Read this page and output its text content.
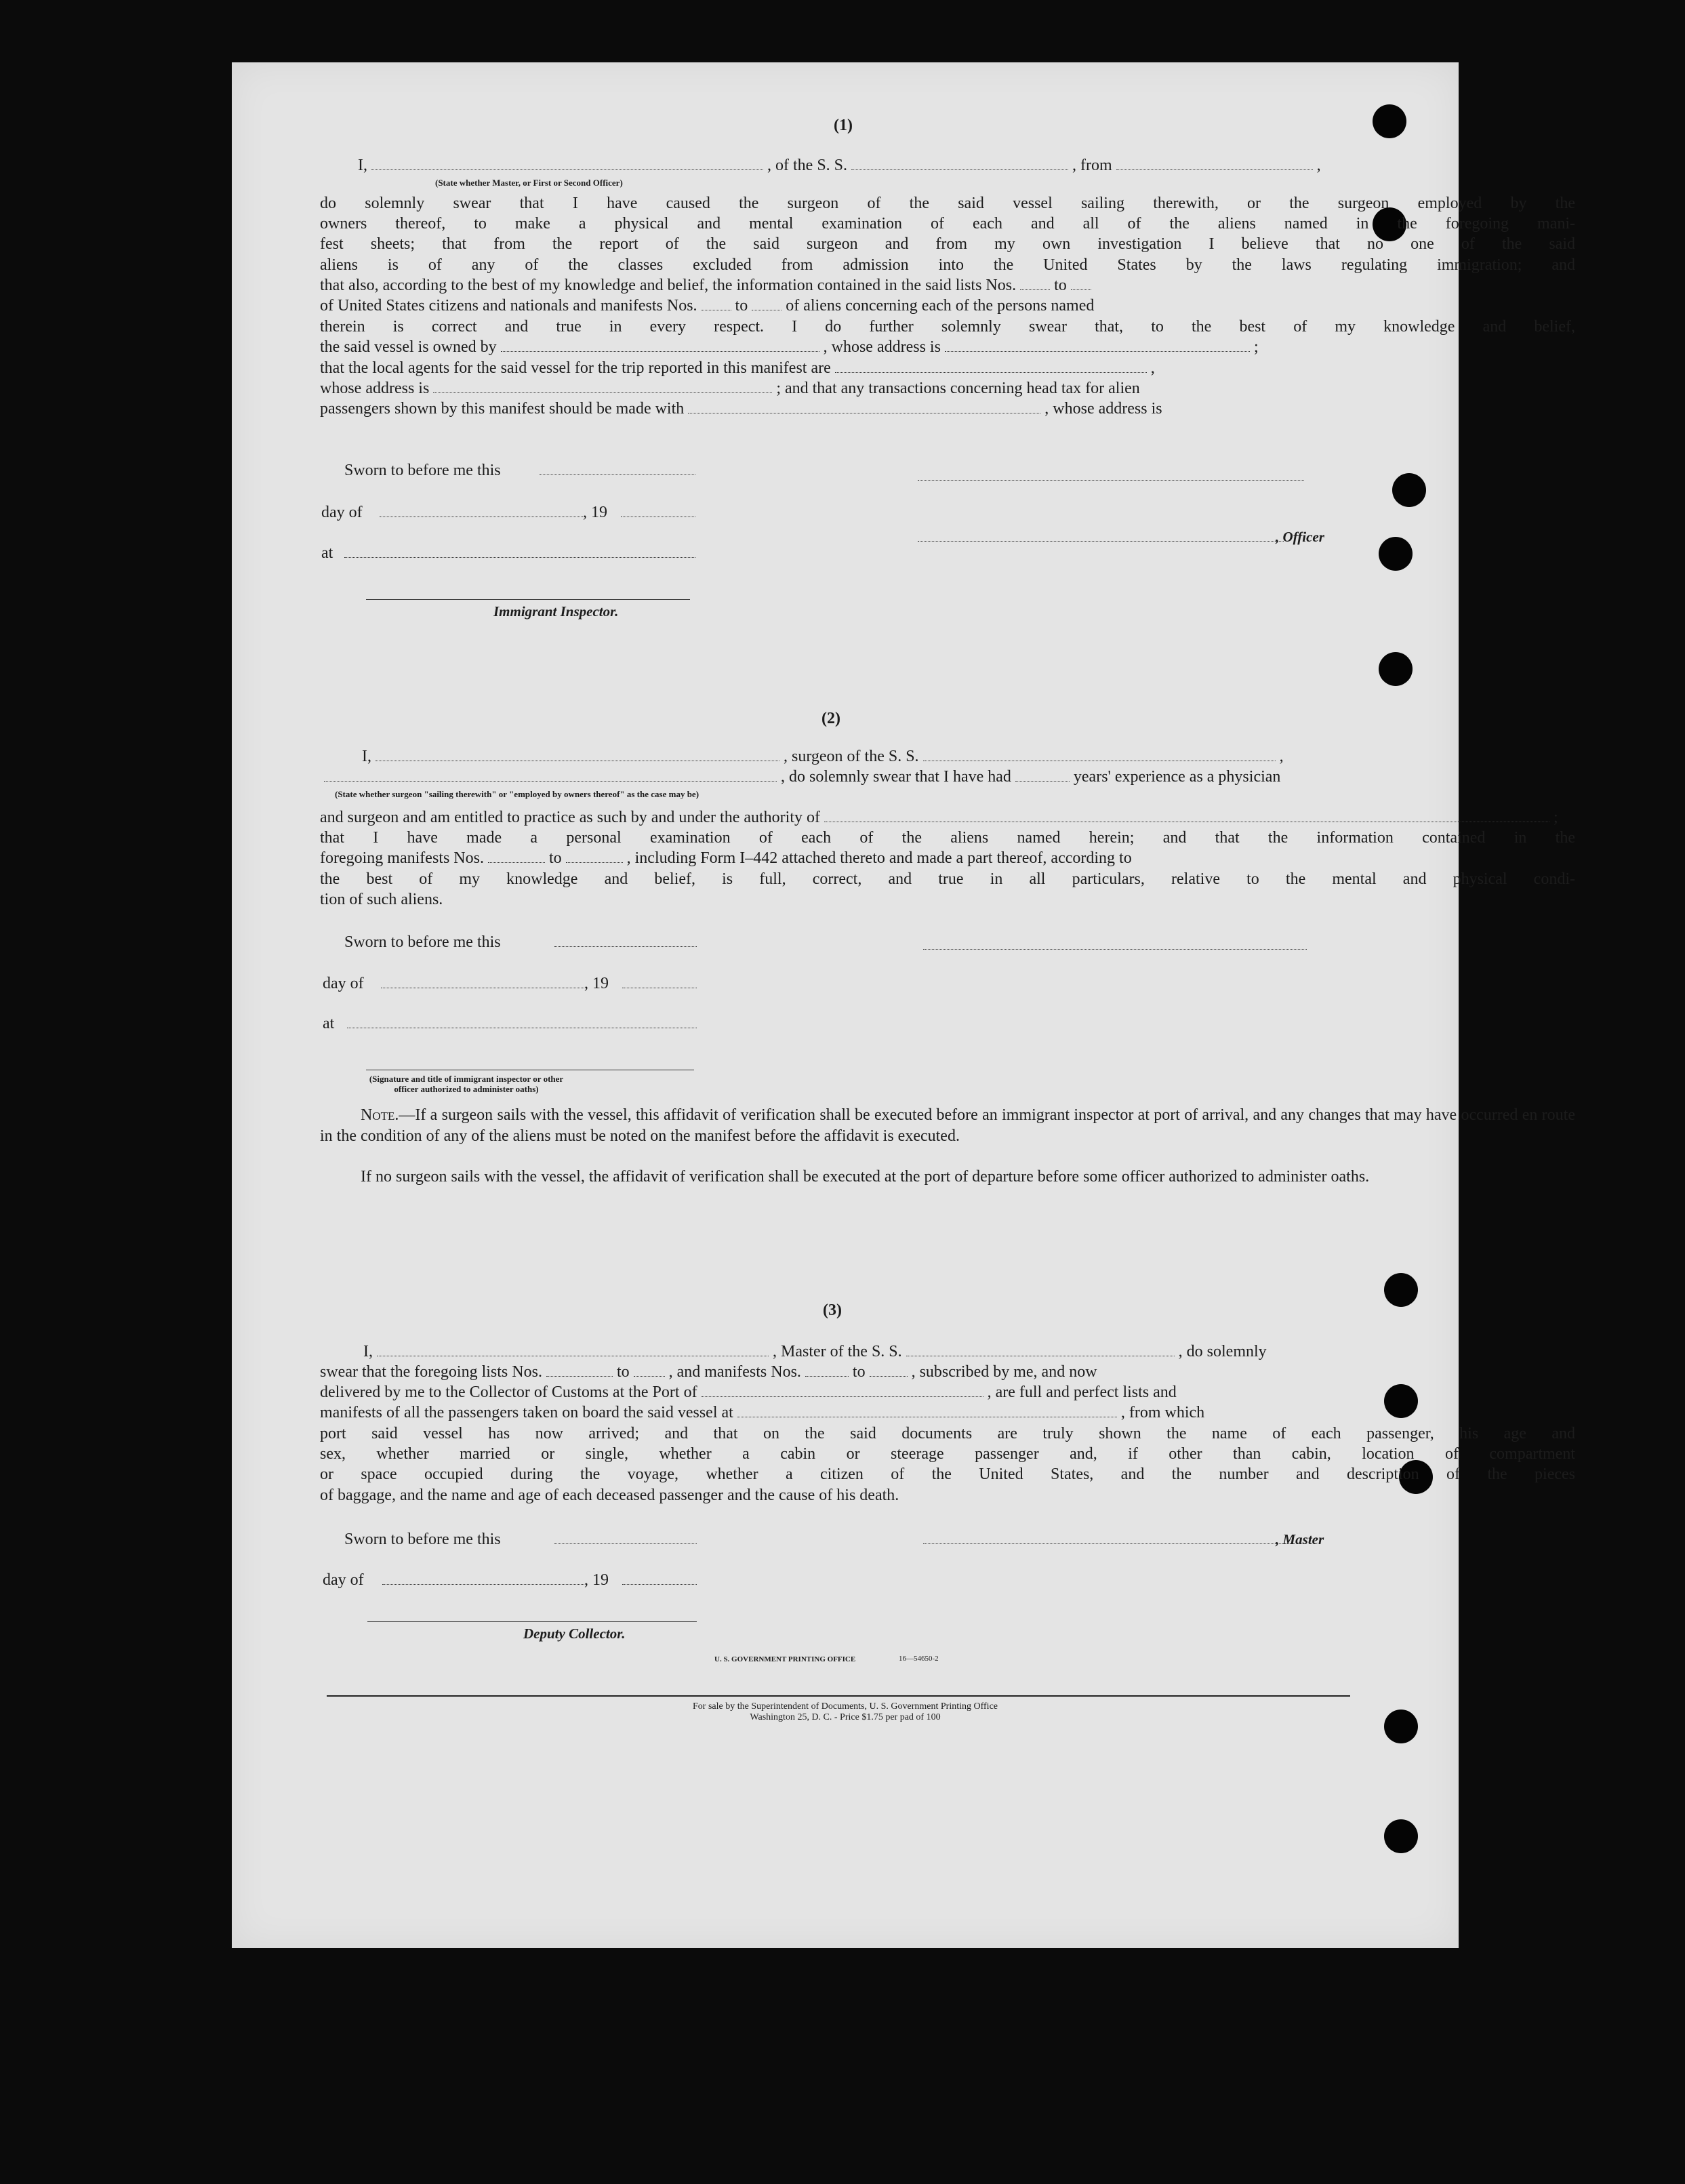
(1)
I,	, of the S. S.	, from	,
(State whether Master, or First or Second Officer)
do solemnly swear that I have caused the surgeon of the said vessel sailing therewith, or the surgeon employed by the
owners thereof, to make a physical and mental examination of each and all of the aliens named in the foregoing mani-
fest sheets; that from the report of the said surgeon and from my own investigation I believe that no one of the said
aliens is of any of the classes excluded from admission into the United States by the laws regulating immigration; and
that also, according to the best of my knowledge and belief, the information contained in the said lists Nos. to
of United States citizens and nationals and manifests Nos. to of aliens concerning each of the persons named
therein is correct and true in every respect. I do further solemnly swear that, to the best of my knowledge and belief,
the said vessel is owned by	, whose address is	;
that the local agents for the said vessel for the trip reported in this manifest are	,
whose address is	; and that any transactions concerning head tax for alien
passengers shown by this manifest should be made with	, whose address is
Sworn to before me this
day of	, 19
at
Immigrant Inspector.
, Officer
(2)
I,	, surgeon of the S. S.	,
, do solemnly swear that I have had	years' experience as a physician
(State whether surgeon "sailing therewith" or "employed by owners thereof" as the case may be)
and surgeon and am entitled to practice as such by and under the authority of	;
that I have made a personal examination of each of the aliens named herein; and that the information contained in the
foregoing manifests Nos.	to	, including Form I–442 attached thereto and made a part thereof, according to
the best of my knowledge and belief, is full, correct, and true in all particulars, relative to the mental and physical condi-
tion of such aliens.
Sworn to before me this
day of	, 19
at
(Signature and title of immigrant inspector or other officer authorized to administer oaths)
Note.—If a surgeon sails with the vessel, this affidavit of verification shall be executed before an immigrant inspector at port of arrival, and any changes that may have occurred en route in the condition of any of the aliens must be noted on the manifest before the affidavit is executed.
If no surgeon sails with the vessel, the affidavit of verification shall be executed at the port of departure before some officer authorized to administer oaths.
(3)
I,	, Master of the S. S.	, do solemnly
swear that the foregoing lists Nos.	to , and manifests Nos.	to	, subscribed by me, and now
delivered by me to the Collector of Customs at the Port of	, are full and perfect lists and
manifests of all the passengers taken on board the said vessel at	, from which
port said vessel has now arrived; and that on the said documents are truly shown the name of each passenger, his age and
sex, whether married or single, whether a cabin or steerage passenger and, if other than cabin, location of compartment
or space occupied during the voyage, whether a citizen of the United States, and the number and description of the pieces
of baggage, and the name and age of each deceased passenger and the cause of his death.
Sworn to before me this	, Master
day of	, 19
Deputy Collector.
U. S. GOVERNMENT PRINTING OFFICE	16—54650-2
For sale by the Superintendent of Documents, U. S. Government Printing Office
Washington 25, D. C. - Price $1.75 per pad of 100
